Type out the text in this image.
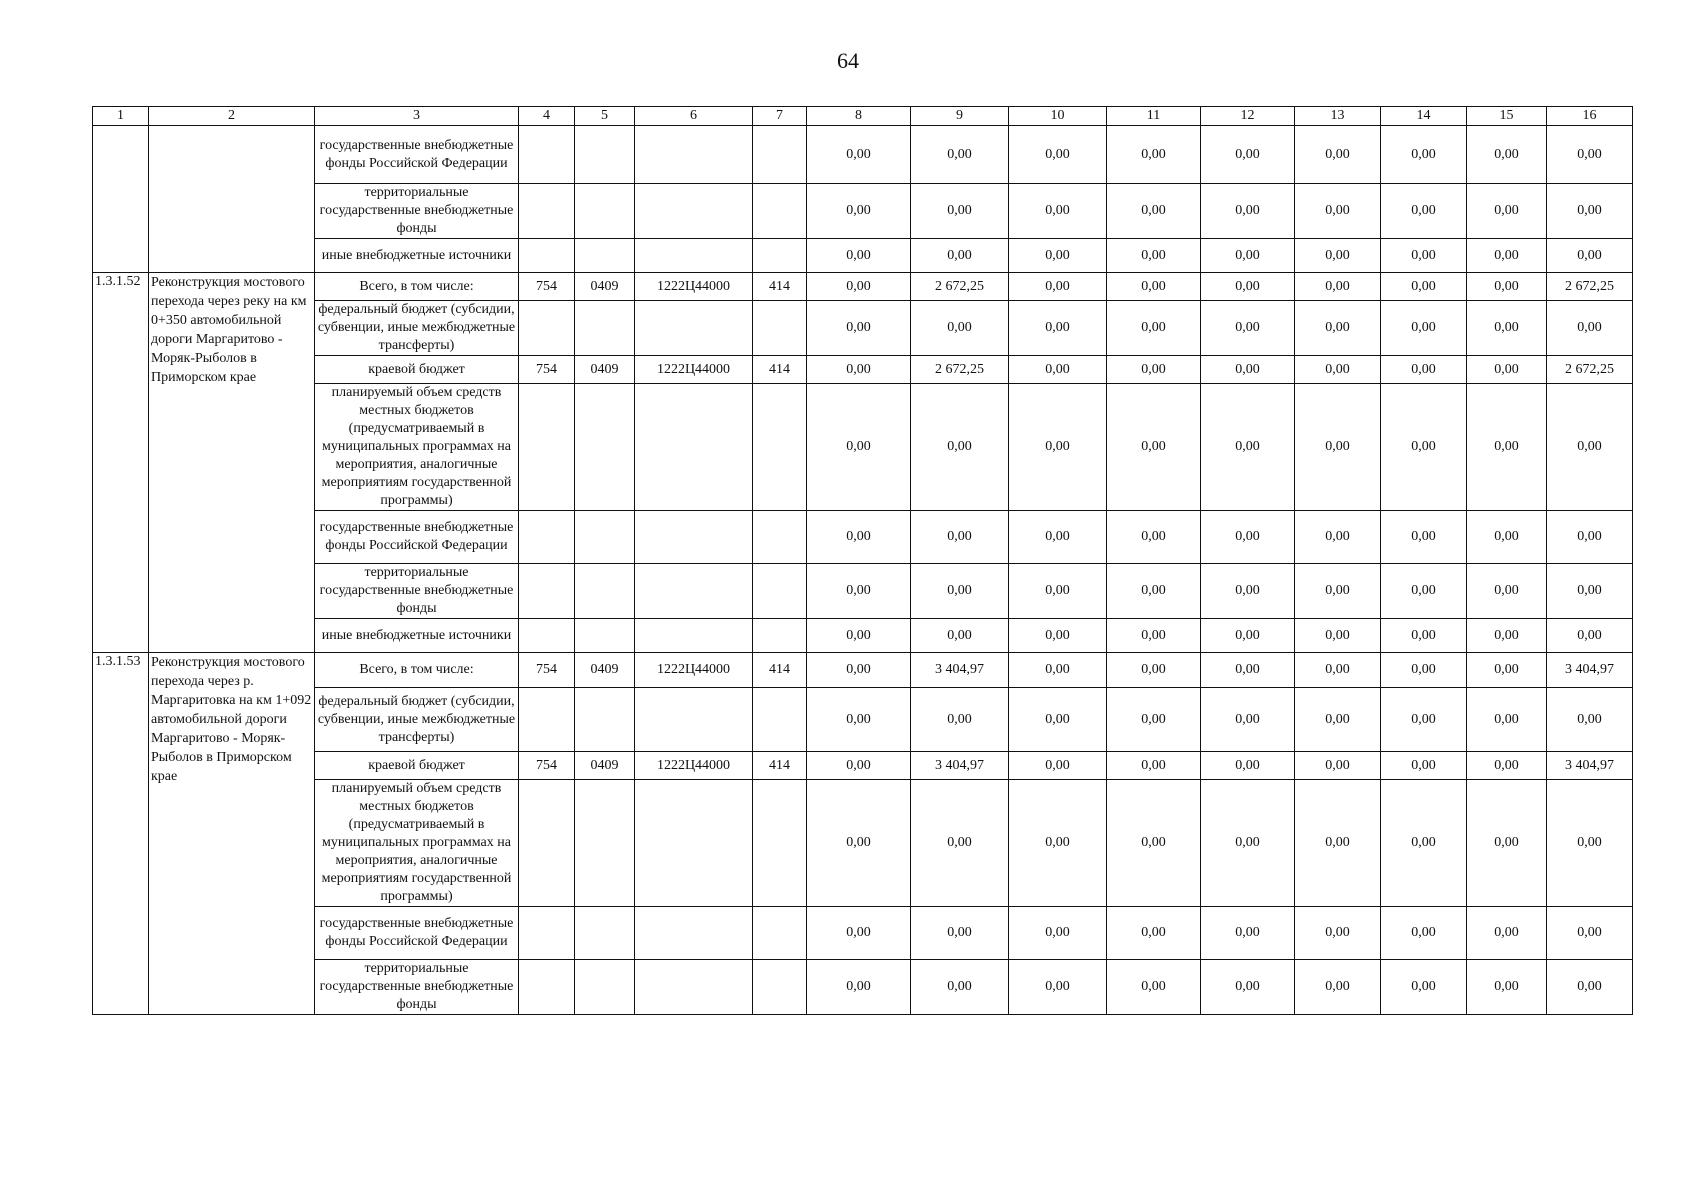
64
1	2	3	4	5	6	7	8	9	10	11	12	13	14	15	16
		государственные внебюджетные фонды Российской Федерации					0,00	0,00	0,00	0,00	0,00	0,00	0,00	0,00	0,00
		территориальные государственные внебюджетные фонды					0,00	0,00	0,00	0,00	0,00	0,00	0,00	0,00	0,00
		иные внебюджетные источники					0,00	0,00	0,00	0,00	0,00	0,00	0,00	0,00	0,00
1.3.1.52	Реконструкция мостового перехода через реку на км 0+350 автомобильной дороги Маргаритово - Моряк-Рыболов в Приморском крае	Всего, в том числе:	754	0409	1222Ц44000	414	0,00	2 672,25	0,00	0,00	0,00	0,00	0,00	0,00	2 672,25
		федеральный бюджет (субсидии, субвенции, иные межбюджетные трансферты)					0,00	0,00	0,00	0,00	0,00	0,00	0,00	0,00	0,00
		краевой бюджет	754	0409	1222Ц44000	414	0,00	2 672,25	0,00	0,00	0,00	0,00	0,00	0,00	2 672,25
		планируемый объем средств местных бюджетов (предусматриваемый в муниципальных программах на мероприятия, аналогичные мероприятиям государственной программы)					0,00	0,00	0,00	0,00	0,00	0,00	0,00	0,00	0,00
		государственные внебюджетные фонды Российской Федерации					0,00	0,00	0,00	0,00	0,00	0,00	0,00	0,00	0,00
		территориальные государственные внебюджетные фонды					0,00	0,00	0,00	0,00	0,00	0,00	0,00	0,00	0,00
		иные внебюджетные источники					0,00	0,00	0,00	0,00	0,00	0,00	0,00	0,00	0,00
1.3.1.53	Реконструкция мостового перехода через р. Маргаритовка на км 1+092 автомобильной дороги Маргаритово - Моряк-Рыболов в Приморском крае	Всего, в том числе:	754	0409	1222Ц44000	414	0,00	3 404,97	0,00	0,00	0,00	0,00	0,00	0,00	3 404,97
		федеральный бюджет (субсидии, субвенции, иные межбюджетные трансферты)					0,00	0,00	0,00	0,00	0,00	0,00	0,00	0,00	0,00
		краевой бюджет	754	0409	1222Ц44000	414	0,00	3 404,97	0,00	0,00	0,00	0,00	0,00	0,00	3 404,97
		планируемый объем средств местных бюджетов (предусматриваемый в муниципальных программах на мероприятия, аналогичные мероприятиям государственной программы)					0,00	0,00	0,00	0,00	0,00	0,00	0,00	0,00	0,00
		государственные внебюджетные фонды Российской Федерации					0,00	0,00	0,00	0,00	0,00	0,00	0,00	0,00	0,00
		территориальные государственные внебюджетные фонды					0,00	0,00	0,00	0,00	0,00	0,00	0,00	0,00	0,00
